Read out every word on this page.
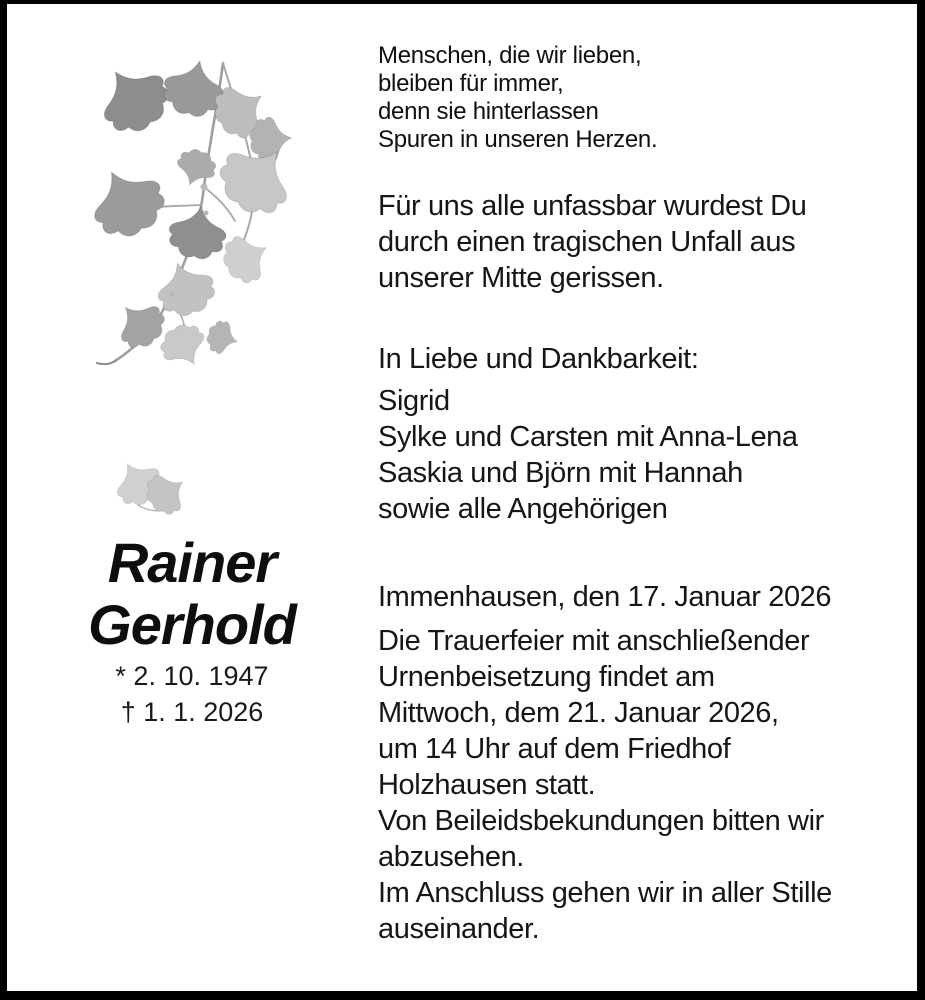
Rainer
Gerhold
* 2. 10. 1947
† 1. 1. 2026
Menschen, die wir lieben,
bleiben für immer,
denn sie hinterlassen
Spuren in unseren Herzen.
Für uns alle unfassbar wurdest Du
durch einen tragischen Unfall aus
unserer Mitte gerissen.
In Liebe und Dankbarkeit:
Sigrid
Sylke und Carsten mit Anna-Lena
Saskia und Björn mit Hannah
sowie alle Angehörigen
Immenhausen, den 17. Januar 2026
Die Trauerfeier mit anschließender
Urnenbeisetzung findet am
Mittwoch, dem 21. Januar 2026,
um 14 Uhr auf dem Friedhof
Holzhausen statt.
Von Beileidsbekundungen bitten wir
abzusehen.
Im Anschluss gehen wir in aller Stille
auseinander.
